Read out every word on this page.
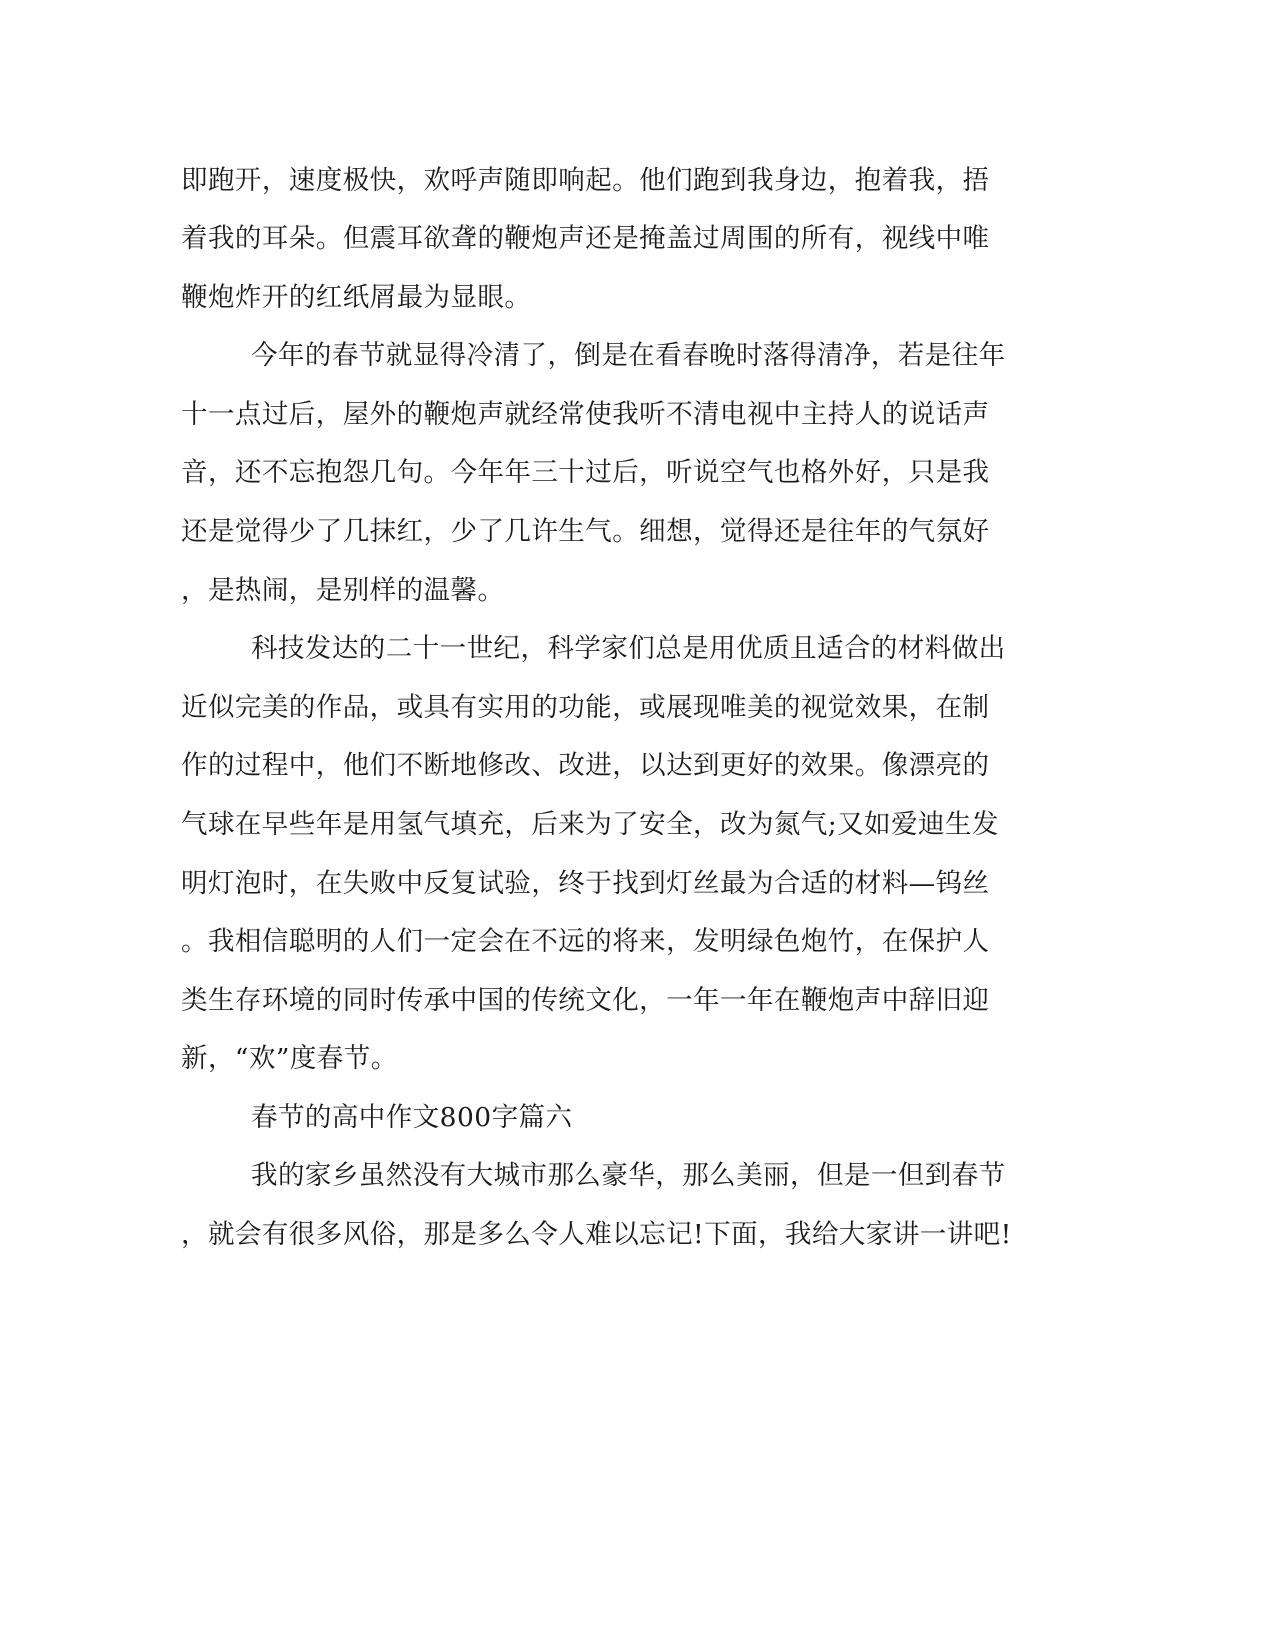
即跑开，速度极快，欢呼声随即响起。他们跑到我身边，抱着我，捂
着我的耳朵。但震耳欲聋的鞭炮声还是掩盖过周围的所有，视线中唯
鞭炮炸开的红纸屑最为显眼。
今年的春节就显得冷清了，倒是在看春晚时落得清净，若是往年
十一点过后，屋外的鞭炮声就经常使我听不清电视中主持人的说话声
音，还不忘抱怨几句。今年年三十过后，听说空气也格外好，只是我
还是觉得少了几抹红，少了几许生气。细想，觉得还是往年的气氛好
，是热闹，是别样的温馨。
科技发达的二十一世纪，科学家们总是用优质且适合的材料做出
近似完美的作品，或具有实用的功能，或展现唯美的视觉效果，在制
作的过程中，他们不断地修改、改进，以达到更好的效果。像漂亮的
气球在早些年是用氢气填充，后来为了安全，改为氮气;又如爱迪生发
明灯泡时，在失败中反复试验，终于找到灯丝最为合适的材料—钨丝
。我相信聪明的人们一定会在不远的将来，发明绿色炮竹，在保护人
类生存环境的同时传承中国的传统文化，一年一年在鞭炮声中辞旧迎
新，“欢”度春节。
春节的高中作文800字篇六
我的家乡虽然没有大城市那么豪华，那么美丽，但是一但到春节
，就会有很多风俗，那是多么令人难以忘记!下面，我给大家讲一讲吧!
